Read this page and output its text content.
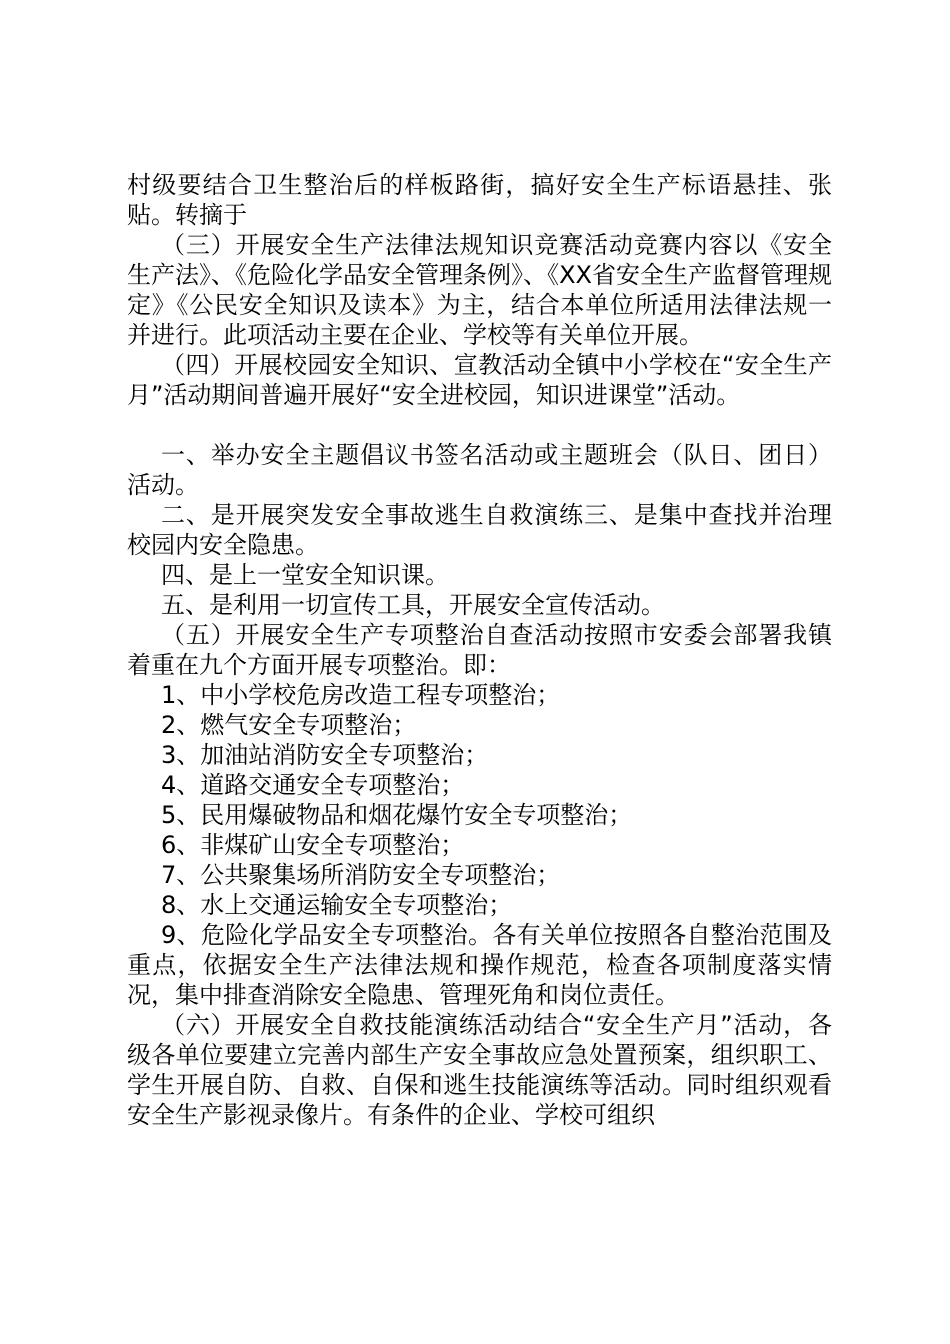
村级要结合卫生整治后的样板路街，搞好安全生产标语悬挂、张贴。转摘于

（三）开展安全生产法律法规知识竞赛活动竞赛内容以《安全生产法》、《危险化学品安全管理条例》、《XX省安全生产监督管理规定》《公民安全知识及读本》为主，结合本单位所适用法律法规一并进行。此项活动主要在企业、学校等有关单位开展。

（四）开展校园安全知识、宣教活动全镇中小学校在“安全生产月”活动期间普遍开展好“安全进校园，知识进课堂”活动。

一、举办安全主题倡议书签名活动或主题班会（队日、团日）活动。

二、是开展突发安全事故逃生自救演练三、是集中查找并治理校园内安全隐患。

四、是上一堂安全知识课。

五、是利用一切宣传工具，开展安全宣传活动。

（五）开展安全生产专项整治自查活动按照市安委会部署我镇着重在九个方面开展专项整治。即：

1、中小学校危房改造工程专项整治；

2、燃气安全专项整治；

3、加油站消防安全专项整治；

4、道路交通安全专项整治；

5、民用爆破物品和烟花爆竹安全专项整治；

6、非煤矿山安全专项整治；

7、公共聚集场所消防安全专项整治；

8、水上交通运输安全专项整治；

9、危险化学品安全专项整治。各有关单位按照各自整治范围及重点，依据安全生产法律法规和操作规范，检查各项制度落实情况，集中排查消除安全隐患、管理死角和岗位责任。

（六）开展安全自救技能演练活动结合“安全生产月”活动，各级各单位要建立完善内部生产安全事故应急处置预案，组织职工、学生开展自防、自救、自保和逃生技能演练等活动。同时组织观看安全生产影视录像片。有条件的企业、学校可组织
